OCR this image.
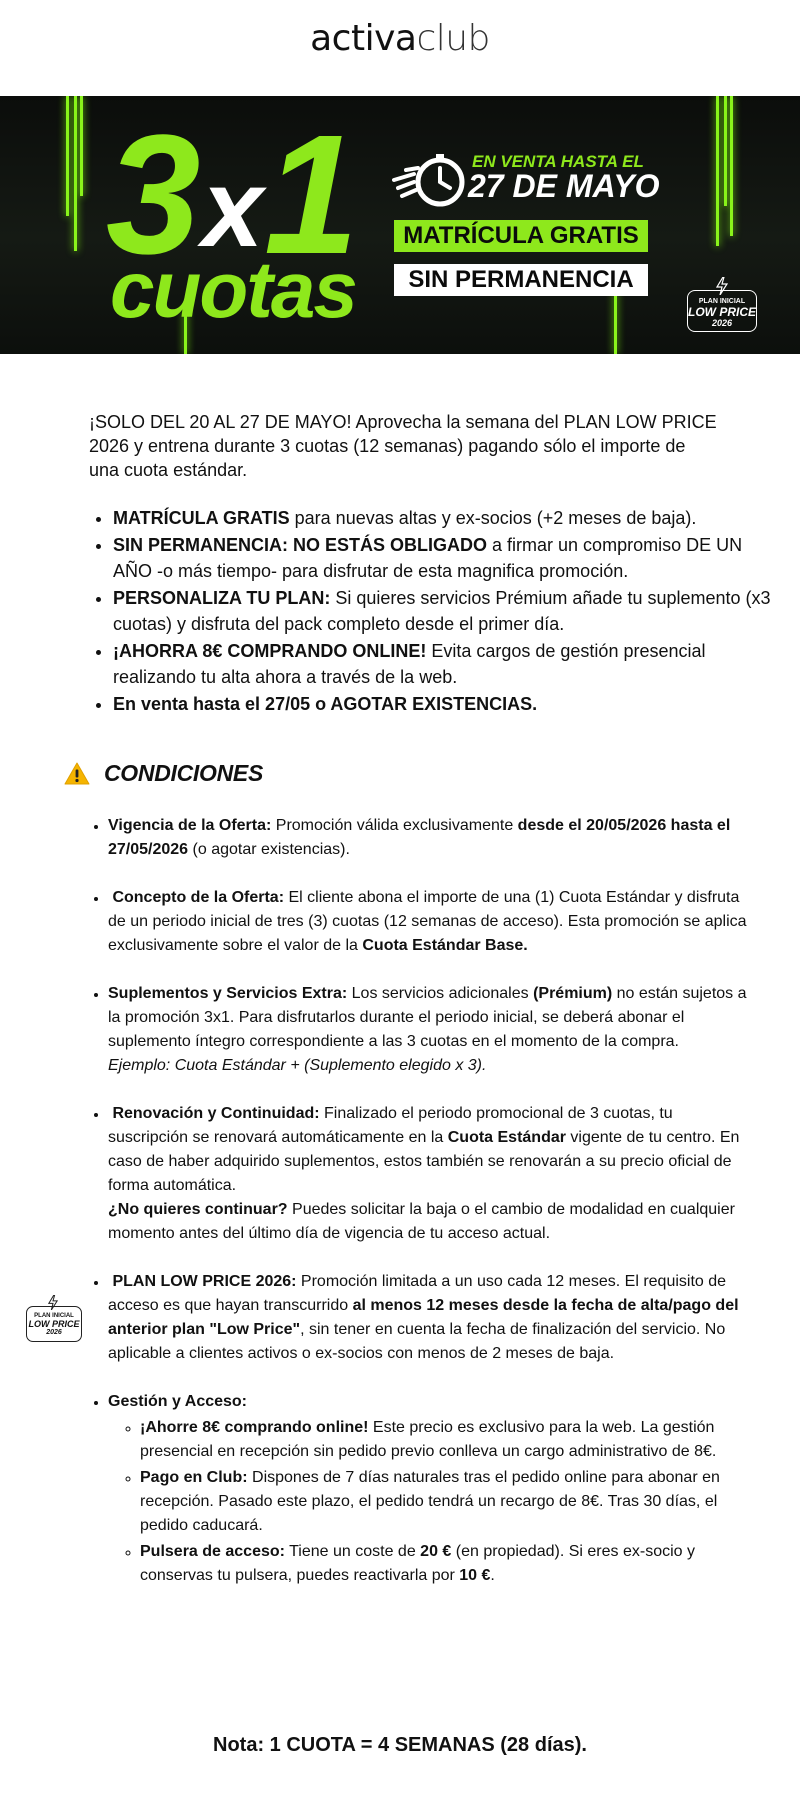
activaclub
3 x 1
cuotas
EN VENTA HASTA EL
27 DE MAYO
MATRÍCULA GRATIS
SIN PERMANENCIA
PLAN INICIAL
LOW PRICE
2026
¡SOLO DEL 20 AL 27 DE MAYO! Aprovecha la semana del PLAN LOW PRICE 2026 y entrena durante 3 cuotas (12 semanas) pagando sólo el importe de una cuota estándar.
• MATRÍCULA GRATIS para nuevas altas y ex-socios (+2 meses de baja).
• SIN PERMANENCIA: NO ESTÁS OBLIGADO a firmar un compromiso DE UN AÑO -o más tiempo- para disfrutar de esta magnifica promoción.
• PERSONALIZA TU PLAN: Si quieres servicios Prémium añade tu suplemento (x3 cuotas) y disfruta del pack completo desde el primer día.
• ¡AHORRA 8€ COMPRANDO ONLINE! Evita cargos de gestión presencial realizando tu alta ahora a través de la web.
• En venta hasta el 27/05 o AGOTAR EXISTENCIAS.
CONDICIONES
• Vigencia de la Oferta: Promoción válida exclusivamente desde el 20/05/2026 hasta el 27/05/2026 (o agotar existencias).
• Concepto de la Oferta: El cliente abona el importe de una (1) Cuota Estándar y disfruta de un periodo inicial de tres (3) cuotas (12 semanas de acceso). Esta promoción se aplica exclusivamente sobre el valor de la Cuota Estándar Base.
• Suplementos y Servicios Extra: Los servicios adicionales (Prémium) no están sujetos a la promoción 3x1. Para disfrutarlos durante el periodo inicial, se deberá abonar el suplemento íntegro correspondiente a las 3 cuotas en el momento de la compra.
Ejemplo: Cuota Estándar + (Suplemento elegido x 3).
• Renovación y Continuidad: Finalizado el periodo promocional de 3 cuotas, tu suscripción se renovará automáticamente en la Cuota Estándar vigente de tu centro. En caso de haber adquirido suplementos, estos también se renovarán a su precio oficial de forma automática.
¿No quieres continuar? Puedes solicitar la baja o el cambio de modalidad en cualquier momento antes del último día de vigencia de tu acceso actual.
• PLAN LOW PRICE 2026: Promoción limitada a un uso cada 12 meses. El requisito de acceso es que hayan transcurrido al menos 12 meses desde la fecha de alta/pago del anterior plan "Low Price", sin tener en cuenta la fecha de finalización del servicio. No aplicable a clientes activos o ex-socios con menos de 2 meses de baja.
• Gestión y Acceso:
◦ ¡Ahorre 8€ comprando online! Este precio es exclusivo para la web. La gestión presencial en recepción sin pedido previo conlleva un cargo administrativo de 8€.
◦ Pago en Club: Dispones de 7 días naturales tras el pedido online para abonar en recepción. Pasado este plazo, el pedido tendrá un recargo de 8€. Tras 30 días, el pedido caducará.
◦ Pulsera de acceso: Tiene un coste de 20 € (en propiedad). Si eres ex-socio y conservas tu pulsera, puedes reactivarla por 10 €.
PLAN INICIAL
LOW PRICE
2026
Nota: 1 CUOTA = 4 SEMANAS (28 días).
